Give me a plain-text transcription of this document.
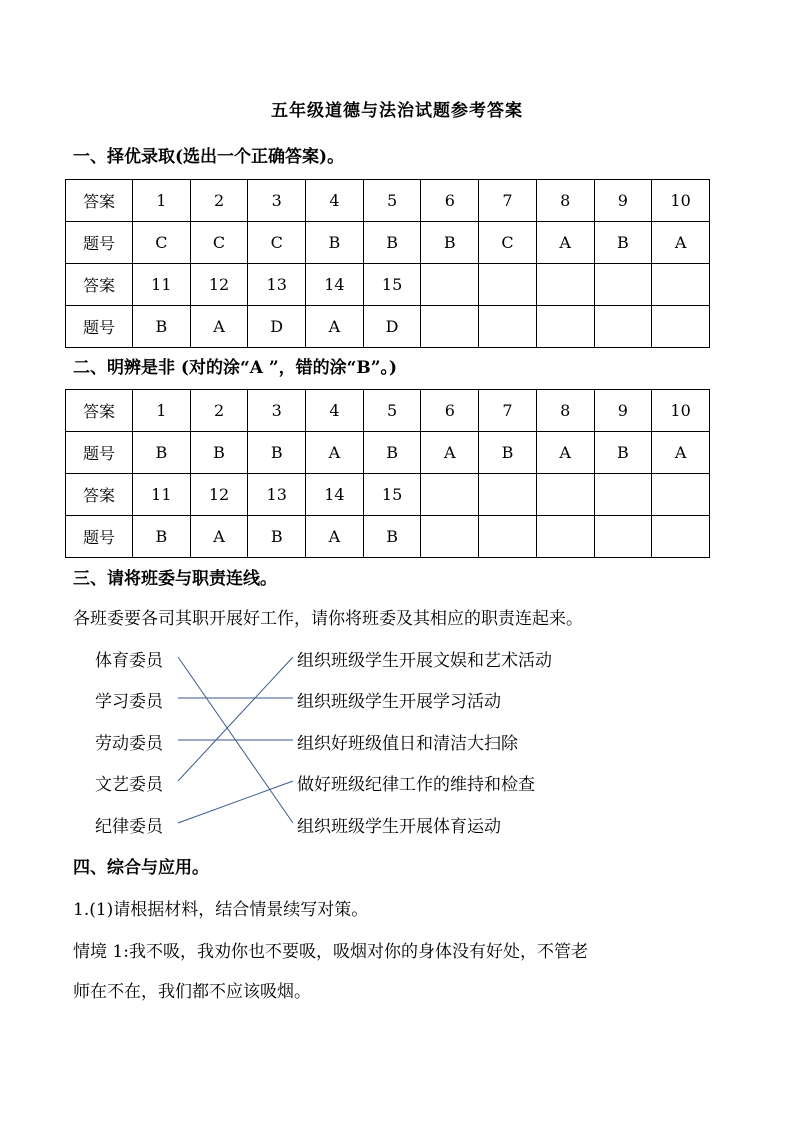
五年级道德与法治试题参考答案
一、择优录取(选出一个正确答案)。
答案	1	2	3	4	5	6	7	8	9	10
题号	C	C	C	B	B	B	C	A	B	A
答案	11	12	13	14	15					
题号	B	A	D	A	D					
二、明辨是非 (对的涂“A ”，错的涂“B”。)
答案	1	2	3	4	5	6	7	8	9	10
题号	B	B	B	A	B	A	B	A	B	A
答案	11	12	13	14	15					
题号	B	A	B	A	B					
三、请将班委与职责连线。
各班委要各司其职开展好工作，请你将班委及其相应的职责连起来。
体育委员
学习委员
劳动委员
文艺委员
纪律委员
组织班级学生开展文娱和艺术活动
组织班级学生开展学习活动
组织好班级值日和清洁大扫除
做好班级纪律工作的维持和检查
组织班级学生开展体育运动
四、综合与应用。
1.(1)请根据材料，结合情景续写对策。
情境 1:我不吸，我劝你也不要吸，吸烟对你的身体没有好处，不管老
师在不在，我们都不应该吸烟。
